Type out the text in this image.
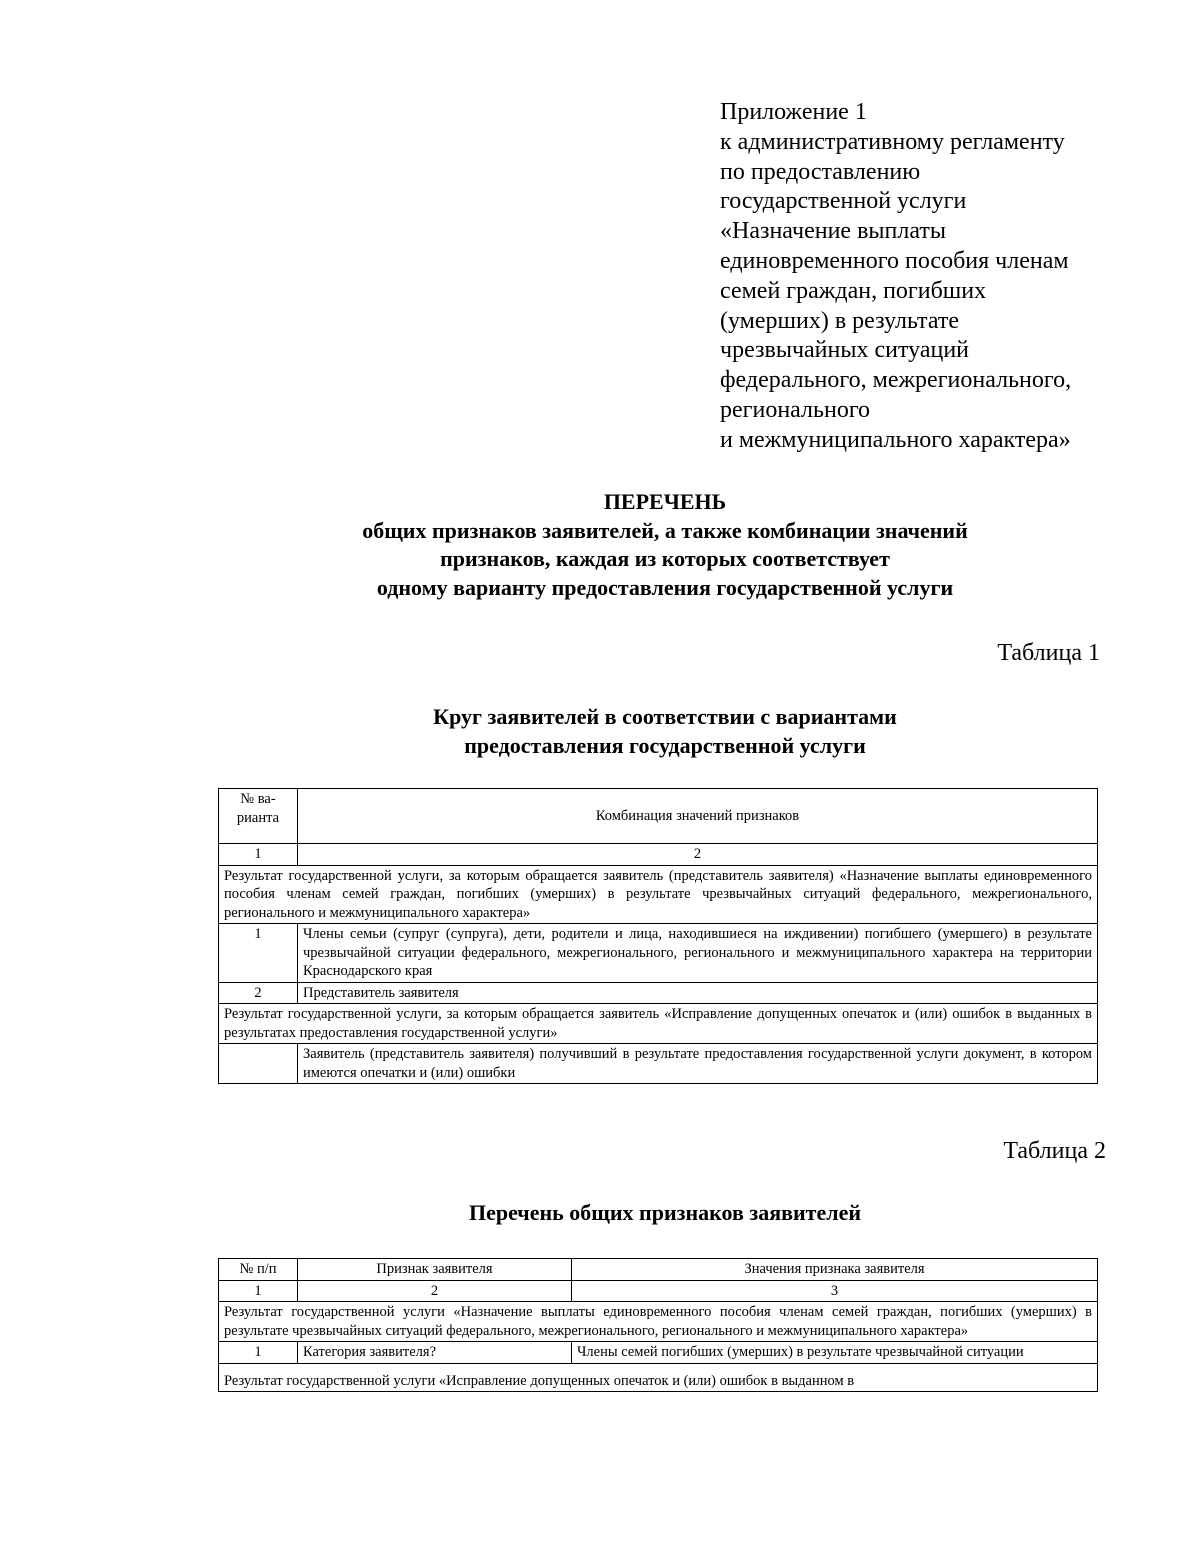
Приложение 1
к административному регламенту
по предоставлению
государственной услуги
«Назначение выплаты
единовременного пособия членам
семей граждан, погибших
(умерших) в результате
чрезвычайных ситуаций
федерального, межрегионального,
регионального
и межмуниципального характера»
ПЕРЕЧЕНЬ
общих признаков заявителей, а также комбинации значений
признаков, каждая из которых соответствует
одному варианту предоставления государственной услуги
Таблица 1
Круг заявителей в соответствии с вариантами
предоставления государственной услуги
№ ва-рианта	Комбинация значений признаков
1	2
Результат государственной услуги, за которым обращается заявитель (представитель заявителя) «Назначение выплаты единовременного пособия членам семей граждан, погибших (умерших) в результате чрезвычайных ситуаций федерального, межрегионального, регионального и межмуниципального характера»	
1	Члены семьи (супруг (супруга), дети, родители и лица, находившиеся на иждивении) погибшего (умершего) в результате чрезвычайной ситуации федерального, межрегионального, регионального и межмуниципального характера на территории Краснодарского края
2	Представитель заявителя
Результат государственной услуги, за которым обращается заявитель «Исправление допущенных опечаток и (или) ошибок в выданных в результатах предоставления государственной услуги»	
	Заявитель (представитель заявителя) получивший в результате предоставления государственной услуги документ, в котором имеются опечатки и (или) ошибки
Таблица 2
Перечень общих признаков заявителей
№ п/п	Признак заявителя	Значения признака заявителя
1	2	3
Результат государственной услуги «Назначение выплаты единовременного пособия членам семей граждан, погибших (умерших) в результате чрезвычайных ситуаций федерального, межрегионального, регионального и межмуниципального характера»		
1	Категория заявителя?	Члены семей погибших (умерших) в результате чрезвычайной ситуации
Результат государственной услуги «Исправление допущенных опечаток и (или) ошибок в выданном в		
